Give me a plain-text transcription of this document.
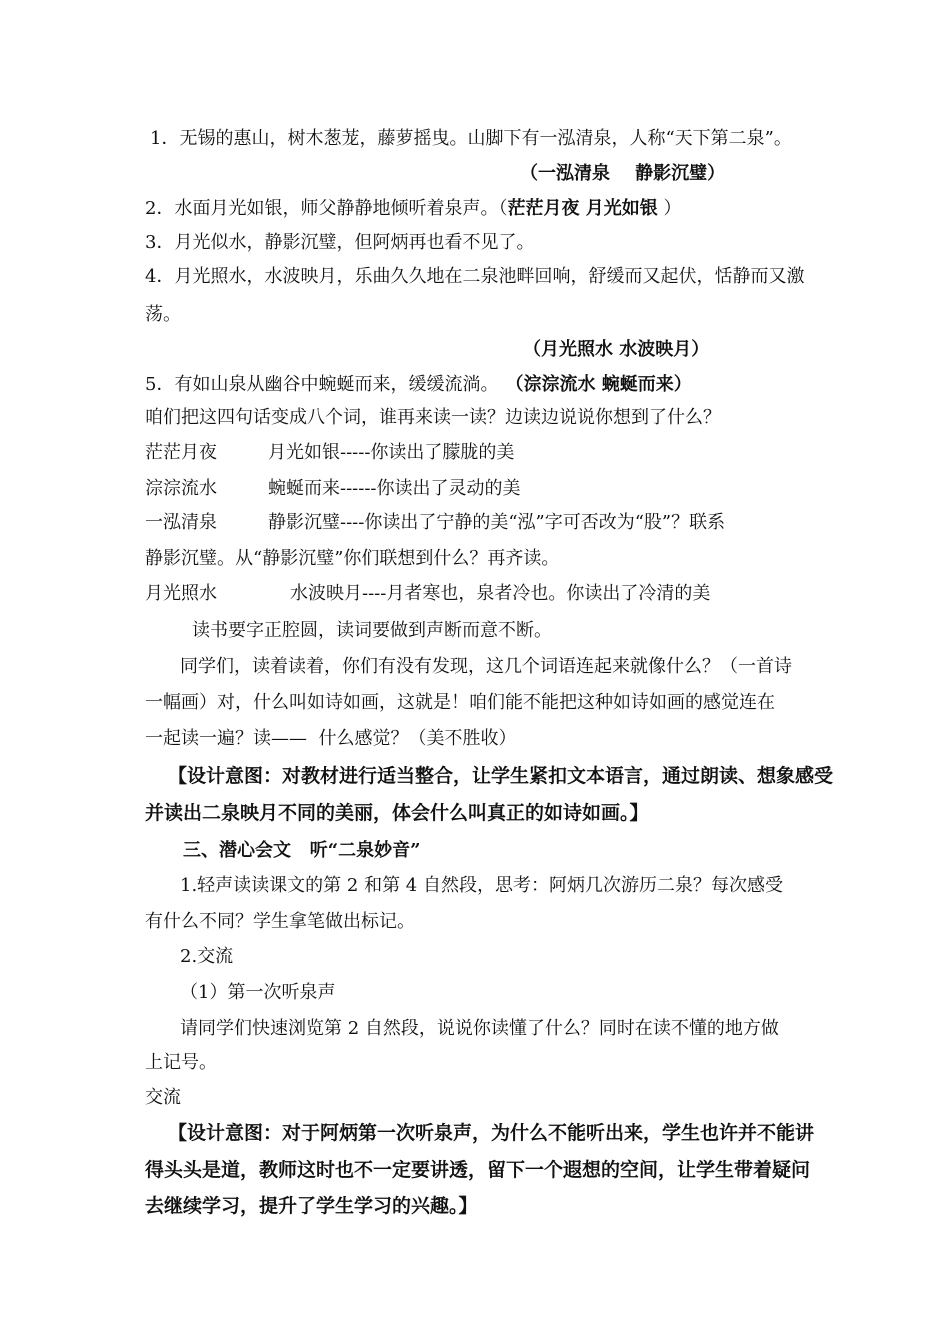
1．无锡的惠山，树木葱茏，藤萝摇曳。山脚下有一泓清泉，人称“天下第二泉”。
（一泓清泉    静影沉璧）
2．水面月光如银，师父静静地倾听着泉声。（茫茫月夜 月光如银 ）
3．月光似水，静影沉璧，但阿炳再也看不见了。
4．月光照水，水波映月，乐曲久久地在二泉池畔回响，舒缓而又起伏，恬静而又激
荡。
（月光照水 水波映月）
5．有如山泉从幽谷中蜿蜒而来，缓缓流淌。 （淙淙流水 蜿蜒而来）
咱们把这四句话变成八个词，谁再来读一读？边读边说说你想到了什么？
茫茫月夜	月光如银-----你读出了朦胧的美
淙淙流水	蜿蜒而来------你读出了灵动的美
一泓清泉	静影沉璧----你读出了宁静的美“泓”字可否改为“股”？联系
静影沉璧。从“静影沉璧”你们联想到什么？再齐读。
月光照水	水波映月----月者寒也，泉者冷也。你读出了冷清的美
读书要字正腔圆，读词要做到声断而意不断。
同学们，读着读着，你们有没有发现，这几个词语连起来就像什么？（一首诗
一幅画）对，什么叫如诗如画，这就是！咱们能不能把这种如诗如画的感觉连在
一起读一遍？读——  什么感觉？（美不胜收）
【设计意图：对教材进行适当整合，让学生紧扣文本语言，通过朗读、想象感受
并读出二泉映月不同的美丽，体会什么叫真正的如诗如画。】
三、潜心会文   听“二泉妙音”
1.轻声读读课文的第 2 和第 4 自然段，思考：阿炳几次游历二泉？每次感受
有什么不同？学生拿笔做出标记。
2.交流
（1）第一次听泉声
请同学们快速浏览第 2 自然段，说说你读懂了什么？同时在读不懂的地方做
上记号。
交流
【设计意图：对于阿炳第一次听泉声，为什么不能听出来，学生也许并不能讲
得头头是道，教师这时也不一定要讲透，留下一个遐想的空间，让学生带着疑问
去继续学习，提升了学生学习的兴趣。】
